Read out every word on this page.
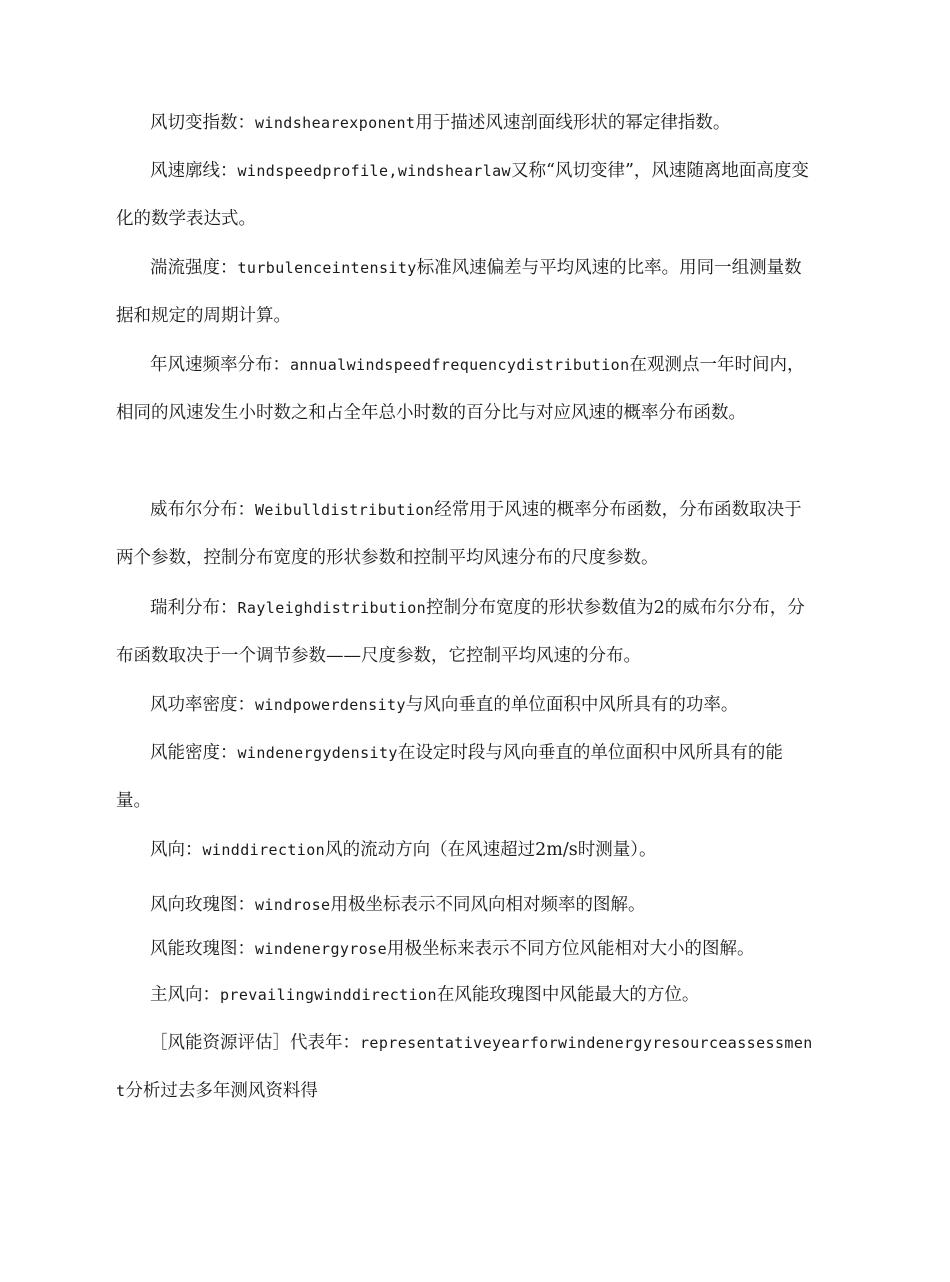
风切变指数：windshearexponent用于描述风速剖面线形状的幂定律指数。

风速廓线：windspeedprofile,windshearlaw又称“风切变律”，风速随离地面高度变化的数学表达式。

湍流强度：turbulenceintensity标准风速偏差与平均风速的比率。用同一组测量数据和规定的周期计算。

年风速频率分布：annualwindspeedfrequencydistribution在观测点一年时间内，相同的风速发生小时数之和占全年总小时数的百分比与对应风速的概率分布函数。

威布尔分布：Weibulldistribution经常用于风速的概率分布函数，分布函数取决于两个参数，控制分布宽度的形状参数和控制平均风速分布的尺度参数。

瑞利分布：Rayleighdistribution控制分布宽度的形状参数值为2的威布尔分布，分布函数取决于一个调节参数——尺度参数，它控制平均风速的分布。

风功率密度：windpowerdensity与风向垂直的单位面积中风所具有的功率。

风能密度：windenergydensity在设定时段与风向垂直的单位面积中风所具有的能量。

风向：winddirection风的流动方向（在风速超过2m/s时测量）。

风向玫瑰图：windrose用极坐标表示不同风向相对频率的图解。

风能玫瑰图：windenergyrose用极坐标来表示不同方位风能相对大小的图解。

主风向：prevailingwinddirection在风能玫瑰图中风能最大的方位。

［风能资源评估］代表年：representativeyearforwindenergyresourceassessment分析过去多年测风资料得
